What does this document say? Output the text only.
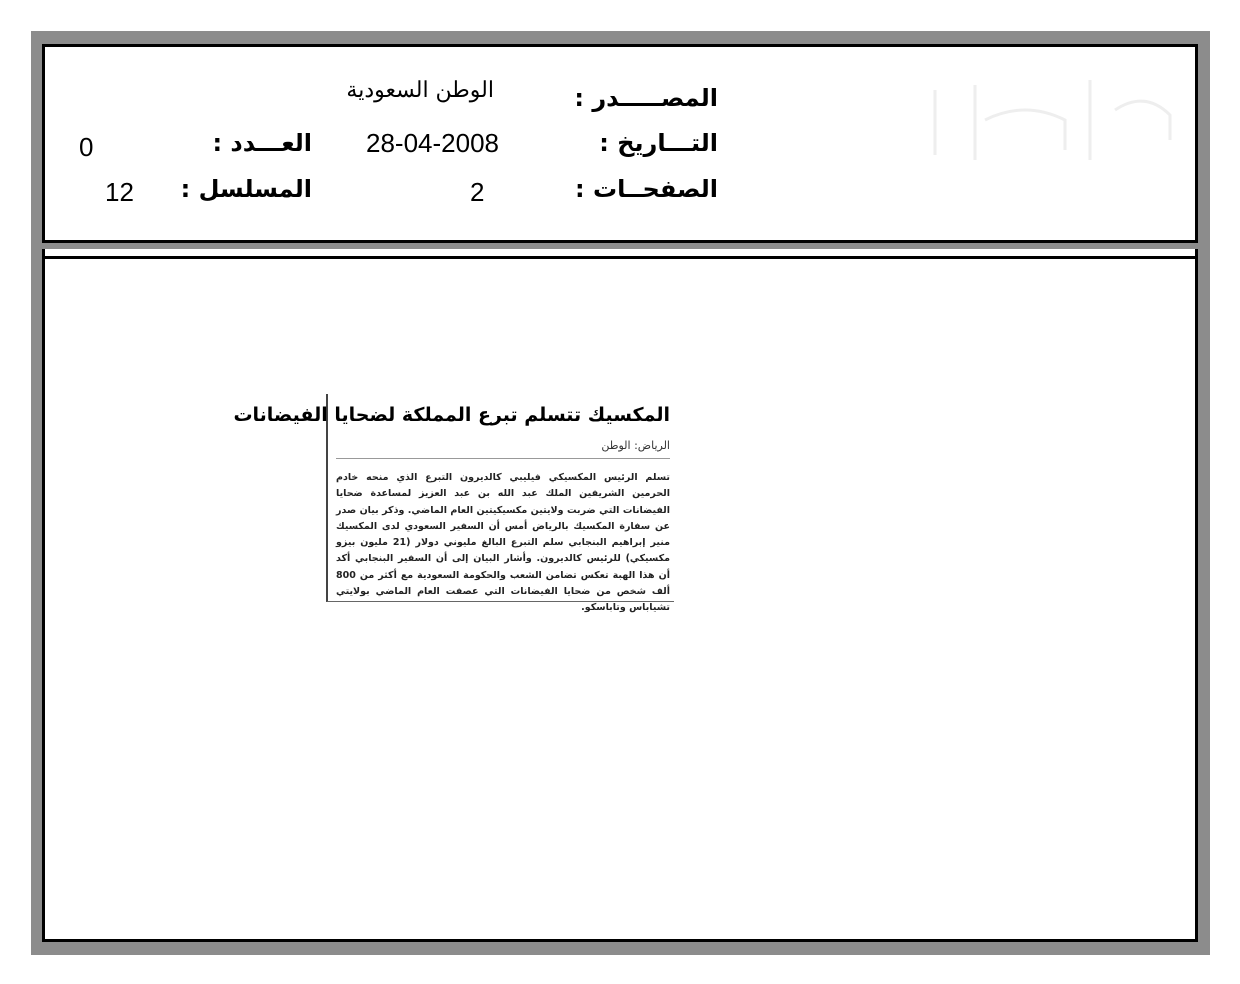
المصـــــدر :
التـــاريخ :
الصفحــات :
الوطن السعودية
28-04-2008
2
العـــدد :
المسلسل :
0
12
المكسيك تتسلم تبرع المملكة لضحايا الفيضانات
الرياض: الوطن

تسلم الرئيس المكسيكي فيليبي كالديرون التبرع الذي منحه خادم الحرمين الشريفين الملك عبد الله بن عبد العزيز لمساعدة ضحايا الفيضانات التي ضربت ولايتين مكسيكيتين العام الماضي. وذكر بيان صدر عن سفارة المكسيك بالرياض أمس أن السفير السعودي لدى المكسيك منير إبراهيم البنجابي سلم التبرع البالغ مليوني دولار (21 مليون بيزو مكسيكي) للرئيس كالديرون. وأشار البيان إلى أن السفير البنجابي أكد أن هذا الهبة تعكس تضامن الشعب والحكومة السعودية مع أكثر من 800 ألف شخص من ضحايا الفيضانات التي عصفت العام الماضي بولايتي تشياباس وتاباسكو.
